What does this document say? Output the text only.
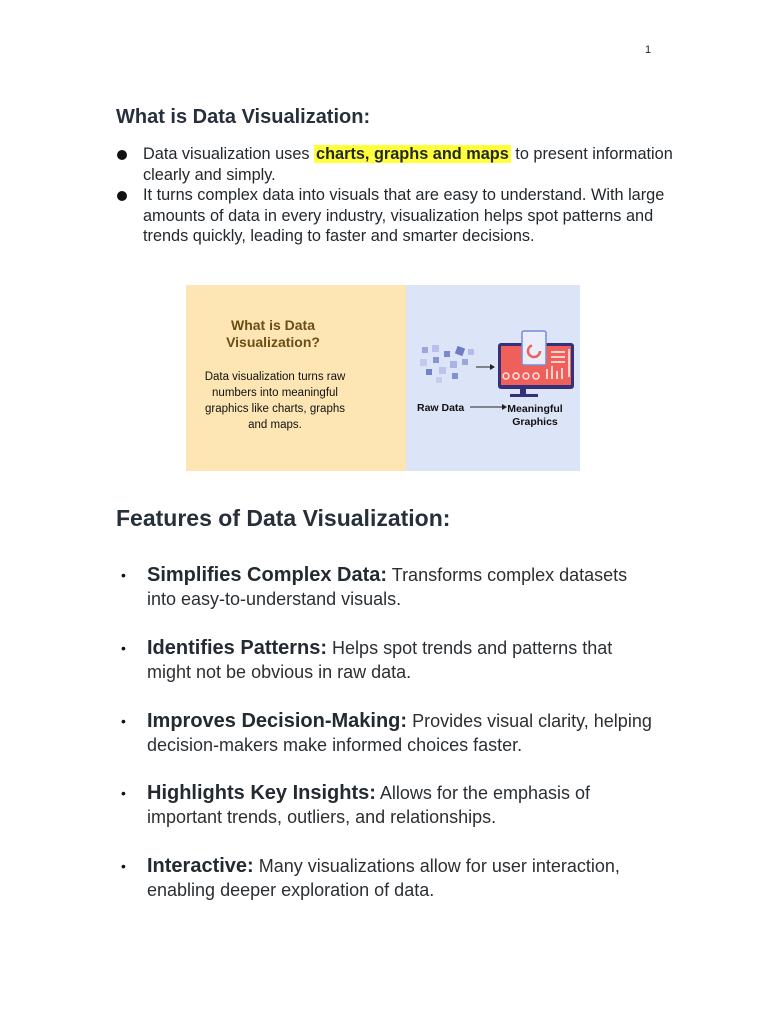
1
What is Data Visualization:
Data visualization uses charts, graphs and maps to present information clearly and simply.
It turns complex data into visuals that are easy to understand. With large amounts of data in every industry, visualization helps spot patterns and trends quickly, leading to faster and smarter decisions.
What is Data
Visualization?
Data visualization turns raw numbers into meaningful graphics like charts, graphs and maps.
Raw Data	Meaningful
Graphics
Features of Data Visualization:
• Simplifies Complex Data: Transforms complex datasets into easy-to-understand visuals.
• Identifies Patterns: Helps spot trends and patterns that might not be obvious in raw data.
• Improves Decision-Making: Provides visual clarity, helping decision-makers make informed choices faster.
• Highlights Key Insights: Allows for the emphasis of important trends, outliers, and relationships.
• Interactive: Many visualizations allow for user interaction, enabling deeper exploration of data.
